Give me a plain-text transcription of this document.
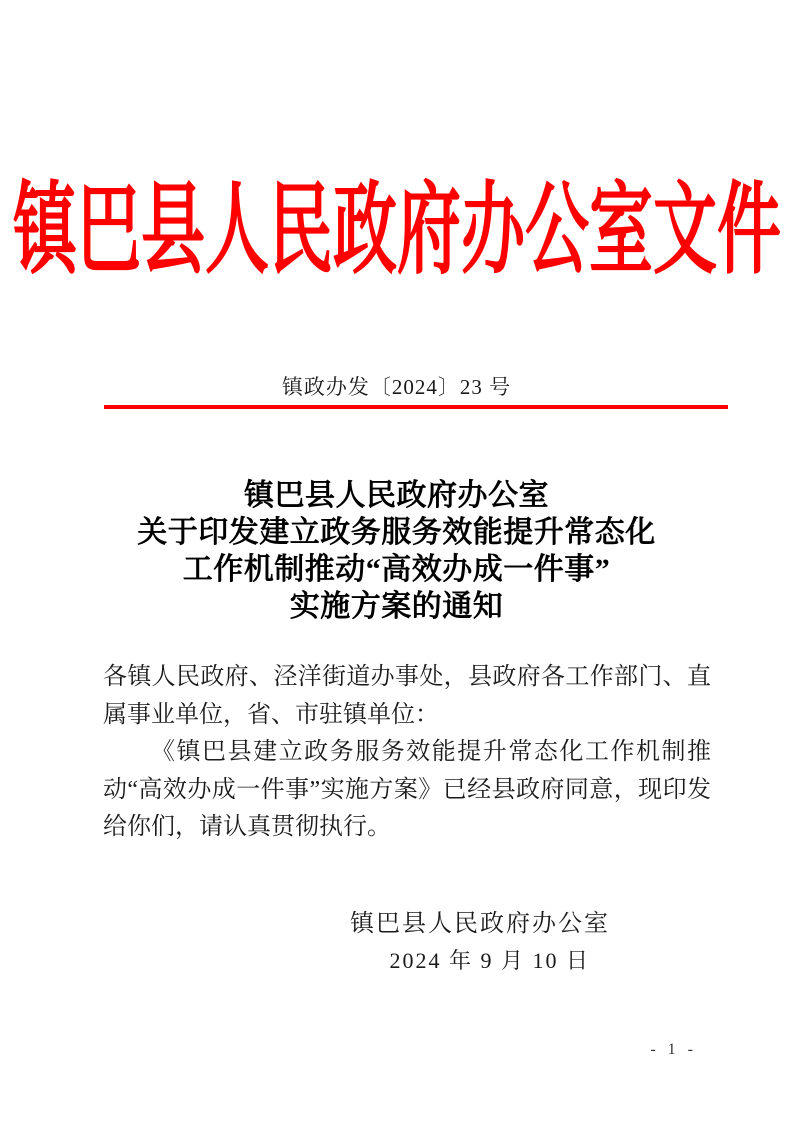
镇巴县人民政府办公室文件
镇政办发〔2024〕23 号
镇巴县人民政府办公室
关于印发建立政务服务效能提升常态化
工作机制推动“高效办成一件事”
实施方案的通知

各镇人民政府、泾洋街道办事处，县政府各工作部门、直属事业单位，省、市驻镇单位：

《镇巴县建立政务服务效能提升常态化工作机制推动“高效办成一件事”实施方案》已经县政府同意，现印发给你们，请认真贯彻执行。

镇巴县人民政府办公室
2024 年 9 月 10 日
- 1 -
